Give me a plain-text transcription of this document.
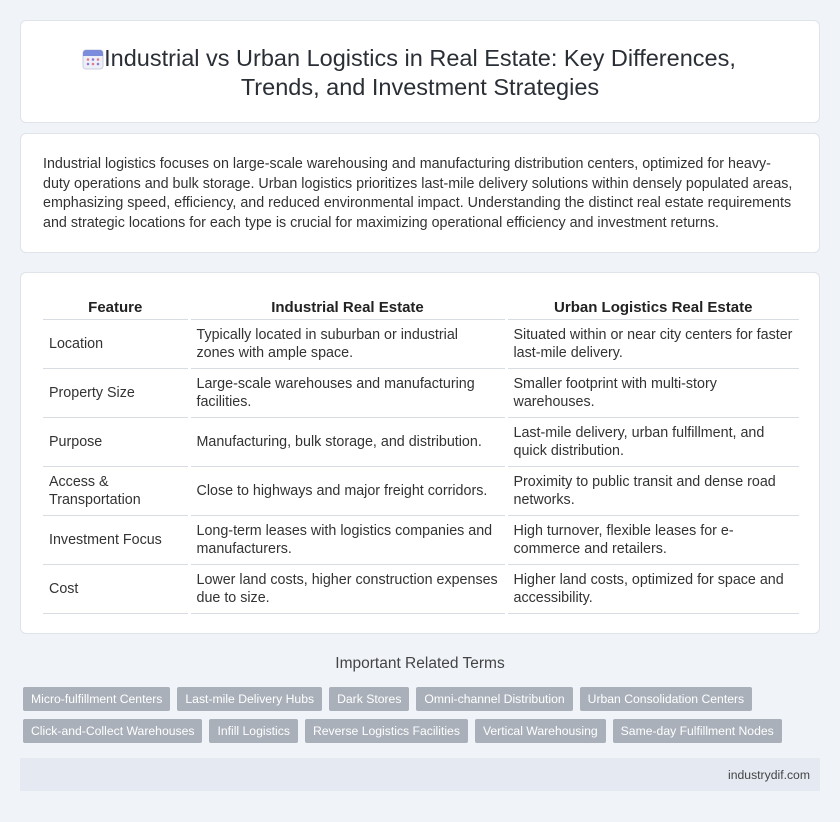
Industrial vs Urban Logistics in Real Estate: Key Differences,
Trends, and Investment Strategies

Industrial logistics focuses on large-scale warehousing and manufacturing distribution centers, optimized for heavy-duty operations and bulk storage. Urban logistics prioritizes last-mile delivery solutions within densely populated areas, emphasizing speed, efficiency, and reduced environmental impact. Understanding the distinct real estate requirements and strategic locations for each type is crucial for maximizing operational efficiency and investment returns.

Feature	Industrial Real Estate	Urban Logistics Real Estate
Location	Typically located in suburban or industrial zones with ample space.	Situated within or near city centers for faster last-mile delivery.
Property Size	Large-scale warehouses and manufacturing facilities.	Smaller footprint with multi-story warehouses.
Purpose	Manufacturing, bulk storage, and distribution.	Last-mile delivery, urban fulfillment, and quick distribution.
Access & Transportation	Close to highways and major freight corridors.	Proximity to public transit and dense road networks.
Investment Focus	Long-term leases with logistics companies and manufacturers.	High turnover, flexible leases for e-commerce and retailers.
Cost	Lower land costs, higher construction expenses due to size.	Higher land costs, optimized for space and accessibility.
Important Related Terms
Micro-fulfillment Centers	Last-mile Delivery Hubs	Dark Stores	Omni-channel Distribution	Urban Consolidation Centers
Click-and-Collect Warehouses	Infill Logistics	Reverse Logistics Facilities	Vertical Warehousing	Same-day Fulfillment Nodes
industrydif.com
